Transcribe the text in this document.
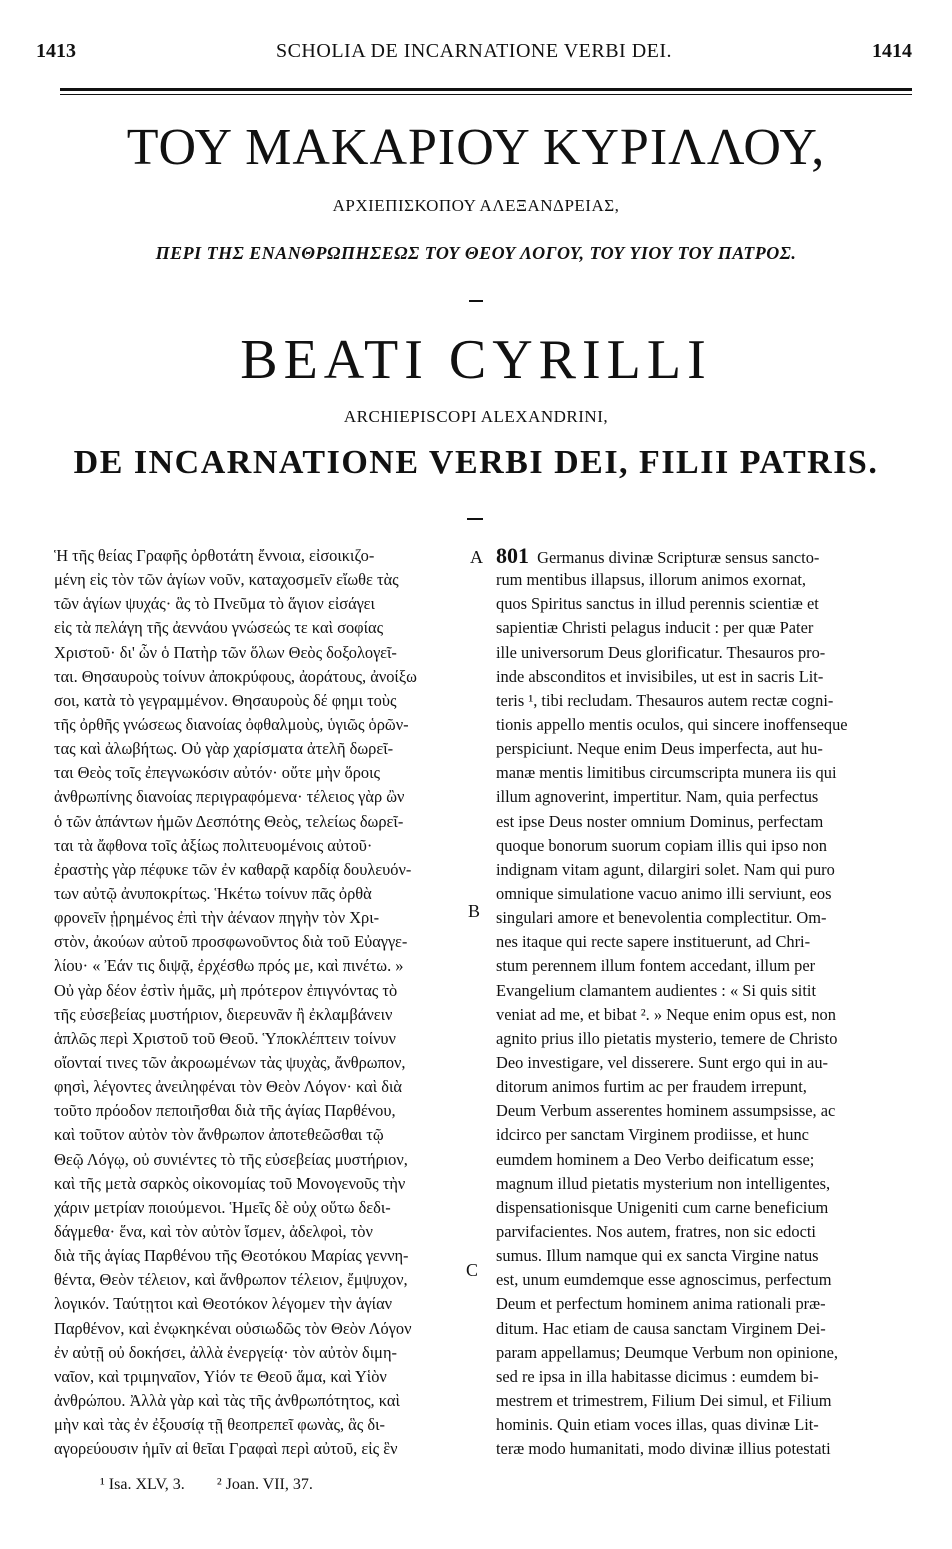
1413	SCHOLIA DE INCARNATIONE VERBI DEI.	1414
ΤΟΥ ΜΑΚΑΡΙΟΥ ΚΥΡΙΛΛΟΥ,
ΑΡΧΙΕΠΙΣΚΟΠΟΥ ΑΛΕΞΑΝΔΡΕΙΑΣ,
ΠΕΡΙ ΤΗΣ ΕΝΑΝΘΡΩΠΗΣΕΩΣ ΤΟΥ ΘΕΟΥ ΛΟΓΟΥ, ΤΟΥ ΥΙΟΥ ΤΟΥ ΠΑΤΡΟΣ.
BEATI CYRILLI
ARCHIEPISCOPI ALEXANDRINI,
DE INCARNATIONE VERBI DEI, FILII PATRIS.
Ἡ τῆς θείας Γραφῆς ὀρθοτάτη ἔννοια, εἰσοικιζο-
μένη εἰς τὸν τῶν ἁγίων νοῦν, καταχοσμεῖν εἴωθε τὰς
τῶν ἁγίων ψυχάς· ἃς τὸ Πνεῦμα τὸ ἅγιον εἰσάγει
εἰς τὰ πελάγη τῆς ἀεννάου γνώσεώς τε καὶ σοφίας
Χριστοῦ· δι' ὧν ὁ Πατὴρ τῶν ὅλων Θεὸς δοξολογεῖ-
ται. Θησαυροὺς τοίνυν ἀποκρύφους, ἀοράτους, ἀνοίξω
σοι, κατὰ τὸ γεγραμμένον. Θησαυροὺς δέ φημι τοὺς
τῆς ὀρθῆς γνώσεως διανοίας ὀφθαλμοὺς, ὑγιῶς ὁρῶν-
τας καὶ ἀλωβήτως. Οὐ γὰρ χαρίσματα ἀτελῆ δωρεῖ-
ται Θεὸς τοῖς ἐπεγνωκόσιν αὐτόν· οὔτε μὴν ὅροις
ἀνθρωπίνης διανοίας περιγραφόμενα· τέλειος γὰρ ὢν
ὁ τῶν ἁπάντων ἡμῶν Δεσπότης Θεὸς, τελείως δωρεῖ-
ται τὰ ἄφθονα τοῖς ἀξίως πολιτευομένοις αὐτοῦ·
ἐραστὴς γὰρ πέφυκε τῶν ἐν καθαρᾷ καρδίᾳ δουλευόν-
των αὐτῷ ἀνυποκρίτως. Ἡκέτω τοίνυν πᾶς ὀρθὰ
φρονεῖν ᾑρημένος ἐπὶ τὴν ἀέναον πηγὴν τὸν Χρι-
στὸν, ἀκούων αὐτοῦ προσφωνοῦντος διὰ τοῦ Εὐαγγε-
λίου· « Ἐάν τις διψᾷ, ἐρχέσθω πρός με, καὶ πινέτω. »
Οὐ γὰρ δέον ἐστὶν ἡμᾶς, μὴ πρότερον ἐπιγνόντας τὸ
τῆς εὐσεβείας μυστήριον, διερευνᾶν ἢ ἐκλαμβάνειν
ἁπλῶς περὶ Χριστοῦ τοῦ Θεοῦ. Ὑποκλέπτειν τοίνυν
οἴονταί τινες τῶν ἀκροωμένων τὰς ψυχὰς, ἄνθρωπον,
φησὶ, λέγοντες ἀνειληφέναι τὸν Θεὸν Λόγον· καὶ διὰ
τοῦτο πρόοδον πεποιῆσθαι διὰ τῆς ἁγίας Παρθένου,
καὶ τοῦτον αὐτὸν τὸν ἄνθρωπον ἀποτεθεῶσθαι τῷ
Θεῷ Λόγῳ, οὐ συνιέντες τὸ τῆς εὐσεβείας μυστήριον,
καὶ τῆς μετὰ σαρκὸς οἰκονομίας τοῦ Μονογενοῦς τὴν
χάριν μετρίαν ποιούμενοι. Ἡμεῖς δὲ οὐχ οὕτω δεδι-
δάγμεθα· ἕνα, καὶ τὸν αὐτὸν ἴσμεν, ἀδελφοὶ, τὸν
διὰ τῆς ἁγίας Παρθένου τῆς Θεοτόκου Μαρίας γεννη-
θέντα, Θεὸν τέλειον, καὶ ἄνθρωπον τέλειον, ἔμψυχον,
λογικόν. Ταύτῃτοι καὶ Θεοτόκον λέγομεν τὴν ἁγίαν
Παρθένον, καὶ ἐνῳκηκέναι οὐσιωδῶς τὸν Θεὸν Λόγον
ἐν αὐτῇ οὐ δοκήσει, ἀλλὰ ἐνεργείᾳ· τὸν αὐτὸν διμη-
ναῖον, καὶ τριμηναῖον, Υἱόν τε Θεοῦ ἅμα, καὶ Υἱὸν
ἀνθρώπου. Ἀλλὰ γὰρ καὶ τὰς τῆς ἀνθρωπότητος, καὶ
μὴν καὶ τὰς ἐν ἐξουσίᾳ τῇ θεοπρεπεῖ φωνὰς, ἃς δι-
αγορεύουσιν ἡμῖν αἱ θεῖαι Γραφαὶ περὶ αὐτοῦ, εἰς ἓν
A
B
C
801 Germanus divinæ Scripturæ sensus sancto-
rum mentibus illapsus, illorum animos exornat,
quos Spiritus sanctus in illud perennis scientiæ et
sapientiæ Christi pelagus inducit : per quæ Pater
ille universorum Deus glorificatur. Thesauros pro-
inde absconditos et invisibiles, ut est in sacris Lit-
teris ¹, tibi recludam. Thesauros autem rectæ cogni-
tionis appello mentis oculos, qui sincere inoffenseque
perspiciunt. Neque enim Deus imperfecta, aut hu-
manæ mentis limitibus circumscripta munera iis qui
illum agnoverint, impertitur. Nam, quia perfectus
est ipse Deus noster omnium Dominus, perfectam
quoque bonorum suorum copiam illis qui ipso non
indignam vitam agunt, dilargiri solet. Nam qui puro
omnique simulatione vacuo animo illi serviunt, eos
singulari amore et benevolentia complectitur. Om-
nes itaque qui recte sapere instituerunt, ad Chri-
stum perennem illum fontem accedant, illum per
Evangelium clamantem audientes : « Si quis sitit
veniat ad me, et bibat ². » Neque enim opus est, non
agnito prius illo pietatis mysterio, temere de Christo
Deo investigare, vel disserere. Sunt ergo qui in au-
ditorum animos furtim ac per fraudem irrepunt,
Deum Verbum asserentes hominem assumpsisse, ac
idcirco per sanctam Virginem prodiisse, et hunc
eumdem hominem a Deo Verbo deificatum esse;
magnum illud pietatis mysterium non intelligentes,
dispensationisque Unigeniti cum carne beneficium
parvifacientes. Nos autem, fratres, non sic edocti
sumus. Illum namque qui ex sancta Virgine natus
est, unum eumdemque esse agnoscimus, perfectum
Deum et perfectum hominem anima rationali præ-
ditum. Hac etiam de causa sanctam Virginem Dei-
param appellamus; Deumque Verbum non opinione,
sed re ipsa in illa habitasse dicimus : eumdem bi-
mestrem et trimestrem, Filium Dei simul, et Filium
hominis. Quin etiam voces illas, quas divinæ Lit-
teræ modo humanitati, modo divinæ illius potestati
¹ Isa. XLV, 3. ² Joan. VII, 37.
